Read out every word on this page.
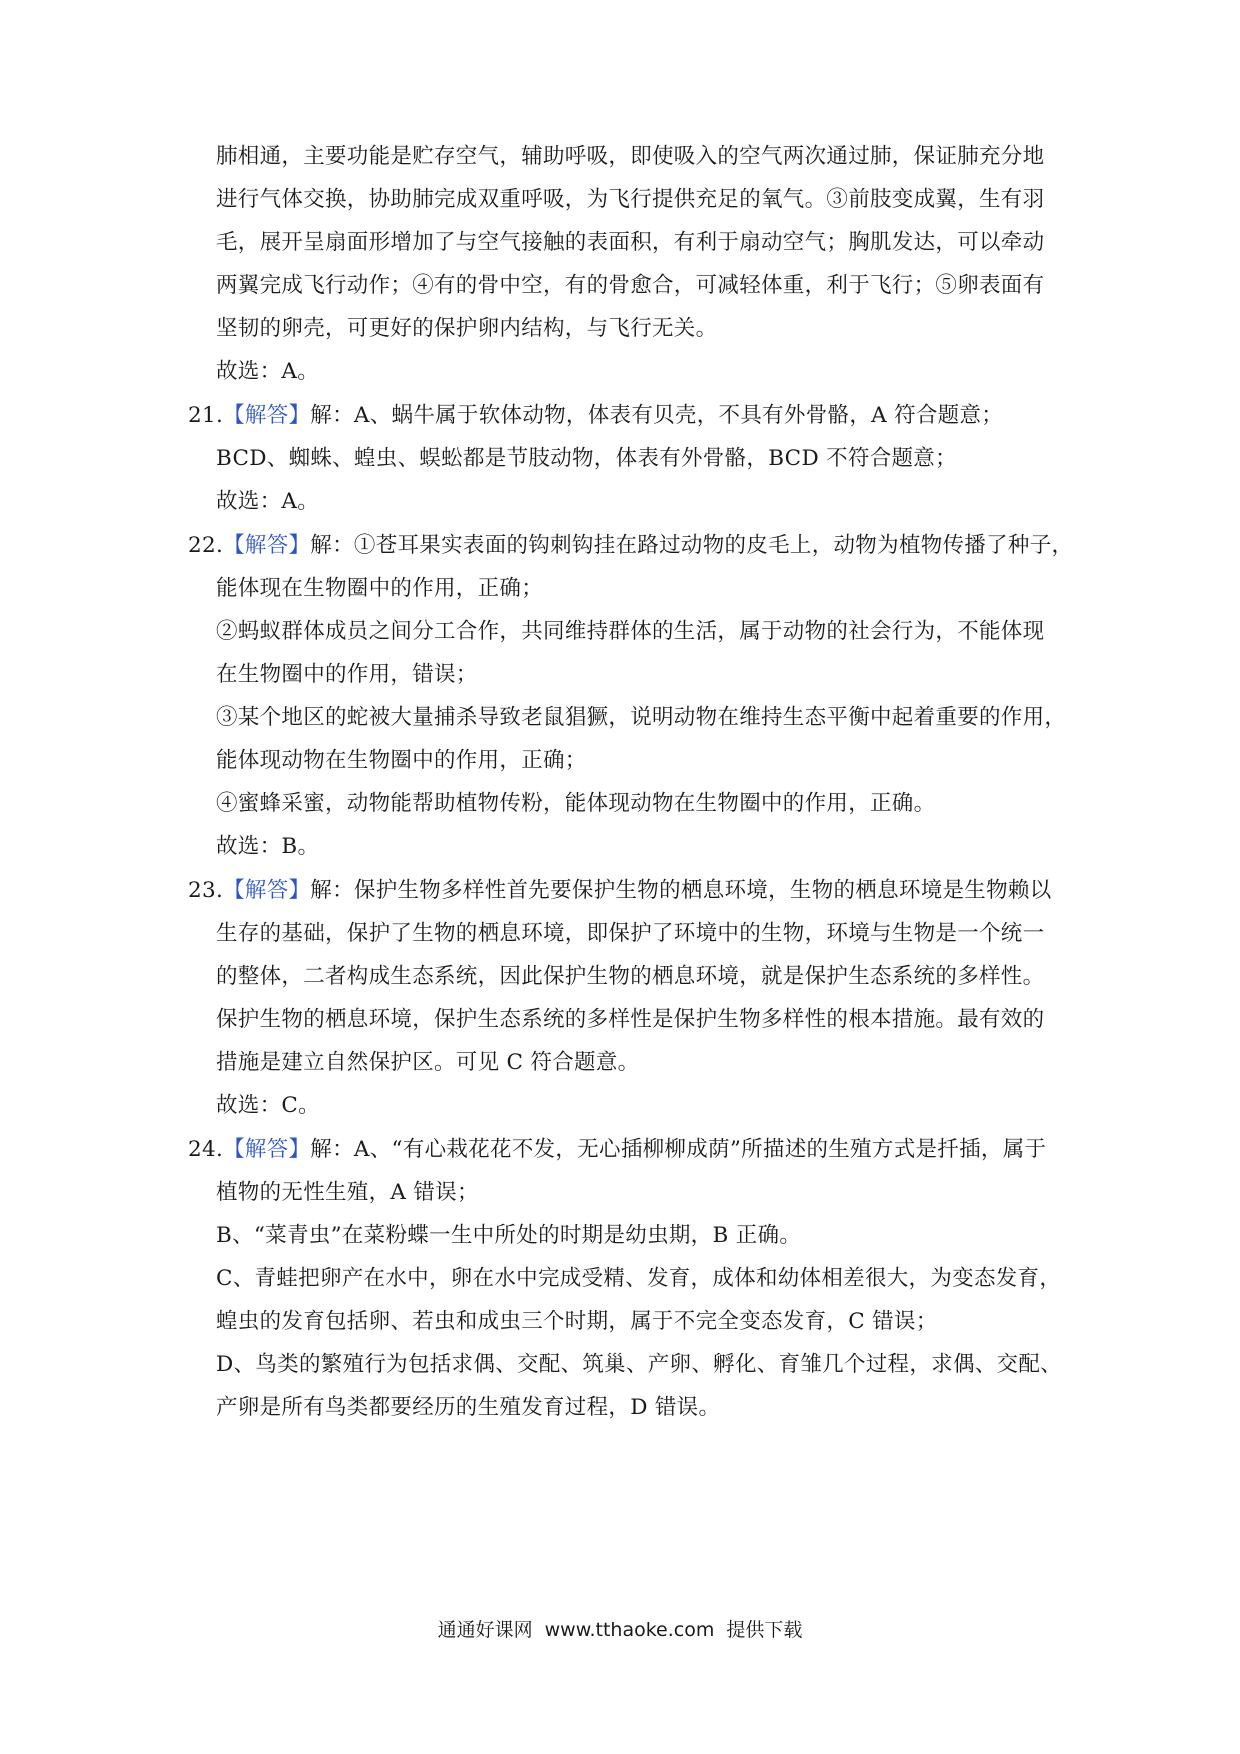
肺相通，主要功能是贮存空气，辅助呼吸，即使吸入的空气两次通过肺，保证肺充分地
进行气体交换，协助肺完成双重呼吸，为飞行提供充足的氧气。③前肢变成翼，生有羽
毛，展开呈扇面形增加了与空气接触的表面积，有利于扇动空气；胸肌发达，可以牵动
两翼完成飞行动作；④有的骨中空，有的骨愈合，可减轻体重，利于飞行；⑤卵表面有
坚韧的卵壳，可更好的保护卵内结构，与飞行无关。
故选：A。
21.【解答】解：A、蜗牛属于软体动物，体表有贝壳，不具有外骨骼，A 符合题意；
BCD、蜘蛛、蝗虫、蜈蚣都是节肢动物，体表有外骨骼，BCD 不符合题意；
故选：A。
22.【解答】解：①苍耳果实表面的钩刺钩挂在路过动物的皮毛上，动物为植物传播了种子，
能体现在生物圈中的作用，正确；
②蚂蚁群体成员之间分工合作，共同维持群体的生活，属于动物的社会行为，不能体现
在生物圈中的作用，错误；
③某个地区的蛇被大量捕杀导致老鼠猖獗，说明动物在维持生态平衡中起着重要的作用，
能体现动物在生物圈中的作用，正确；
④蜜蜂采蜜，动物能帮助植物传粉，能体现动物在生物圈中的作用，正确。
故选：B。
23.【解答】解：保护生物多样性首先要保护生物的栖息环境，生物的栖息环境是生物赖以
生存的基础，保护了生物的栖息环境，即保护了环境中的生物，环境与生物是一个统一
的整体，二者构成生态系统，因此保护生物的栖息环境，就是保护生态系统的多样性。
保护生物的栖息环境，保护生态系统的多样性是保护生物多样性的根本措施。最有效的
措施是建立自然保护区。可见 C 符合题意。
故选：C。
24.【解答】解：A、“有心栽花花不发，无心插柳柳成荫”所描述的生殖方式是扦插，属于
植物的无性生殖，A 错误；
B、“菜青虫”在菜粉蝶一生中所处的时期是幼虫期，B 正确。
C、青蛙把卵产在水中，卵在水中完成受精、发育，成体和幼体相差很大，为变态发育，
蝗虫的发育包括卵、若虫和成虫三个时期，属于不完全变态发育，C 错误；
D、鸟类的繁殖行为包括求偶、交配、筑巢、产卵、孵化、育雏几个过程，求偶、交配、
产卵是所有鸟类都要经历的生殖发育过程，D 错误。
通通好课网 www.tthaoke.com 提供下载
